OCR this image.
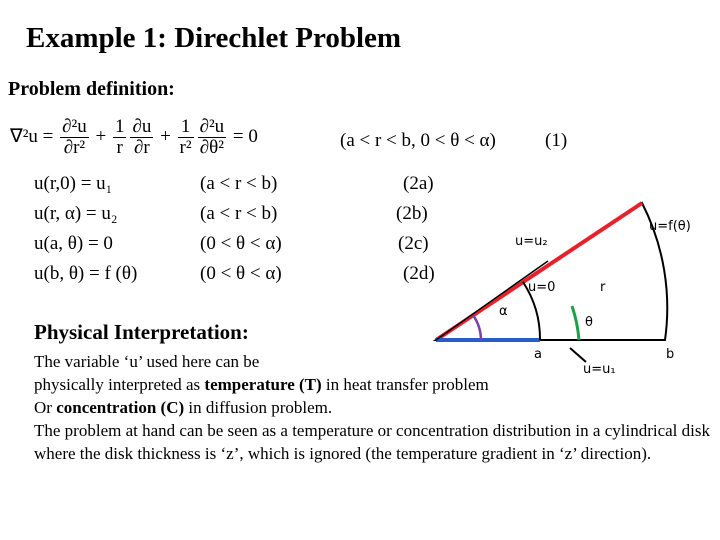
Example 1: Direchlet Problem
Problem definition:
$\nabla^2u = \frac{\text{∂²u}}{\text{∂r²}} + \frac{1}{r} \frac{\partial u}{\partial r} + \frac{1}{\text{r²}} \frac{\text{∂²u}}{\text{∂θ²}} = 0$	(a < r < b, 0 < θ < α)	(1)
u(r,0) = u₁	(a < r < b)	(2a)
u(r, α) = u₂	(a < r < b)	(2b)
u(a, θ) = 0	(0 < θ < α)	(2c)
u(b, θ) = f (θ)	(0 < θ < α)	(2d)
u=f(θ)
u=u₂
u=0	r
α
θ
a
u=u₁
b
Physical Interpretation:
The variable ‘u’ used here can be
physically interpreted as temperature (T) in heat transfer problem
Or concentration (C) in diffusion problem.
The problem at hand can be seen as a temperature or concentration distribution in a cylindrical disk where the disk thickness is ‘z’, which is ignored (the temperature gradient in ‘z’ direction).
